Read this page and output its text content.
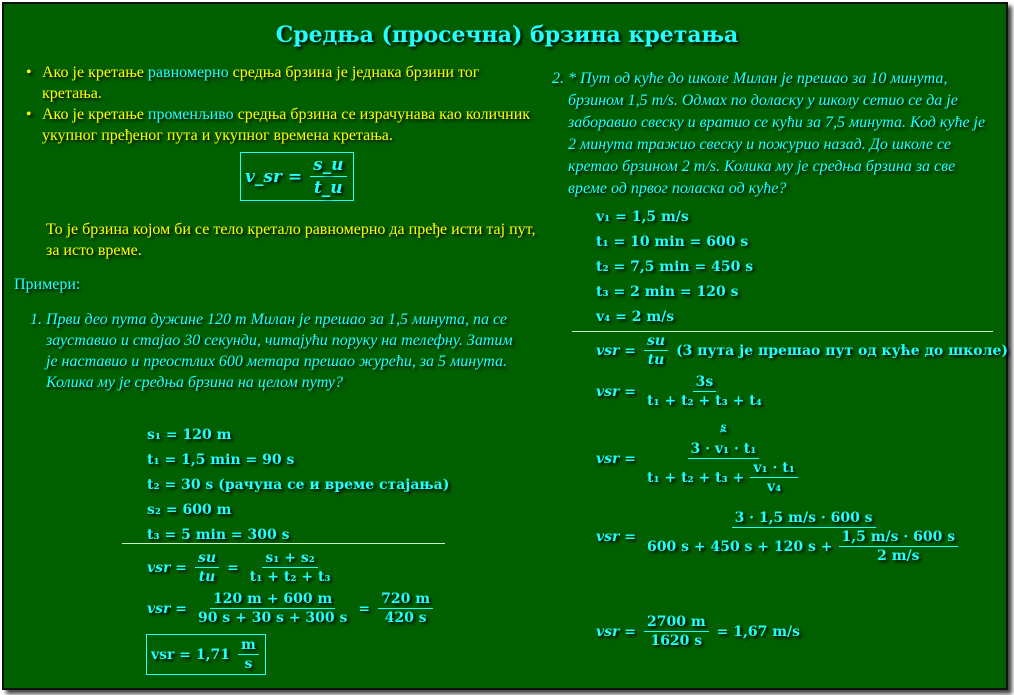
Средња (просечна) брзина кретања
• Ако је кретање равномерно средња брзина је једнака брзини тог кретања.
• Ако је кретање променљиво средња брзина се израчунава као количник укупног пређеног пута и укупног времена кретања.
v_sr = $\frac{s\_u}{t\_u}$
То је брзина којом би се тело кретало равномерно да пређе исти тај пут, за исто време.
Примери:
1. Први део пута дужине 120 m Милан је прешао за 1,5 минута, па се зауставио и стајао 30 секунди, читајући поруку на телефну. Затим је наставио и преостлих 600 метара прешао журећи, за 5 минута. Колика му је средња брзина на целом путу?
s₁ = 120 m
t₁ = 1,5 min = 90 s
t₂ = 30 s (рачуна се и време стајања)
s₂ = 600 m
t₃ = 5 min = 300 s
vsr = $\frac{su}{tu} = \frac{\text{s₁ + s₂}}{\text{t₁ + t₂ + t₃}}$
vsr = $\frac{120 m + 600 m}{90 s + 30 s + 300 s} = \frac{720 m}{420 s}$
vsr = $1,71 \frac{m}{s}$
2. * Пут од куће до школе Милан је прешао за 10 минута, брзином 1,5 m/s. Одмах по доласку у школу сетио се да је заборавио свеску и вратио се кући за 7,5 минута. Код куће је 2 минута тражио свеску и пожурио назад. До школе се кретао брзином 2 m/s. Колика му је средња брзина за све време од првог поласка од куће?
v₁ = 1,5 m/s
t₁ = 10 min = 600 s
t₂ = 7,5 min = 450 s
t₃ = 2 min = 120 s
v₄ = 2 m/s
vsr = $\frac{su}{tu} (3$ пута је прешао пут од куће до школе)
vsr = $\frac{3s}{\text{t₁ + t₂ + t₃ + t₄}}$
vsr = s
⏞
3 · v₁ · t₁
$t_1 + t_2 + t_3 + \frac{\text{v₁ · t₁}}{\text{v₄}}$
vsr = $\frac{3 \cdot 1,5 m/s \cdot 600 s}{600 s + 450 s + 120 s + \frac{1,5 m/s \cdot 600 s}{2 m/s}}$
vsr = $\frac{2700 m}{1620 s} = 1,67$ m/s
